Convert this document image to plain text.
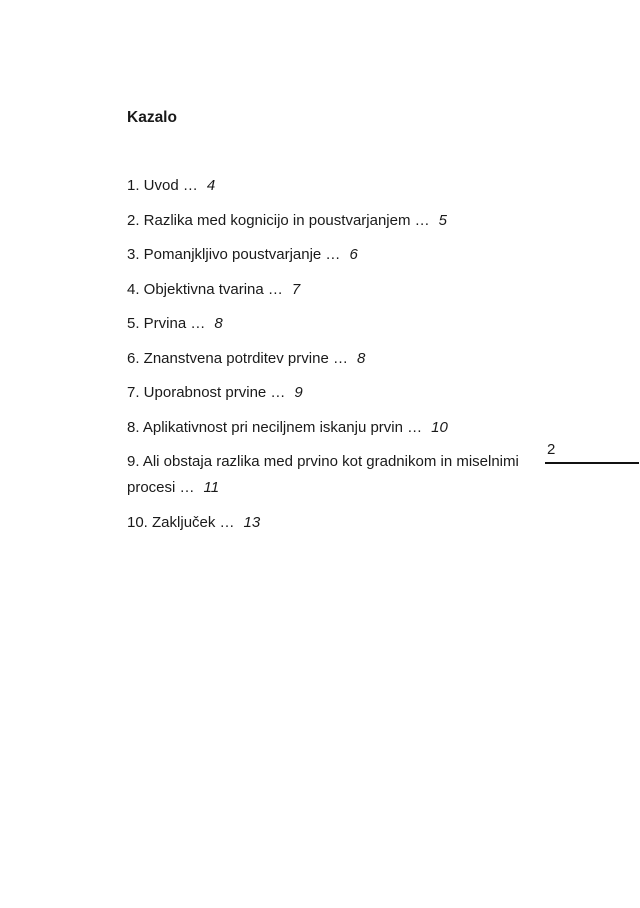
Kazalo

1. Uvod … 4

2. Razlika med kognicijo in poustvarjanjem … 5

3. Pomanjkljivo poustvarjanje … 6

4. Objektivna tvarina … 7

5. Prvina … 8

6. Znanstvena potrditev prvine … 8

7. Uporabnost prvine … 9

8. Aplikativnost pri neciljnem iskanju prvin … 10

9. Ali obstaja razlika med prvino kot gradnikom in miselnimi procesi … 11

10. Zaključek … 13

2
